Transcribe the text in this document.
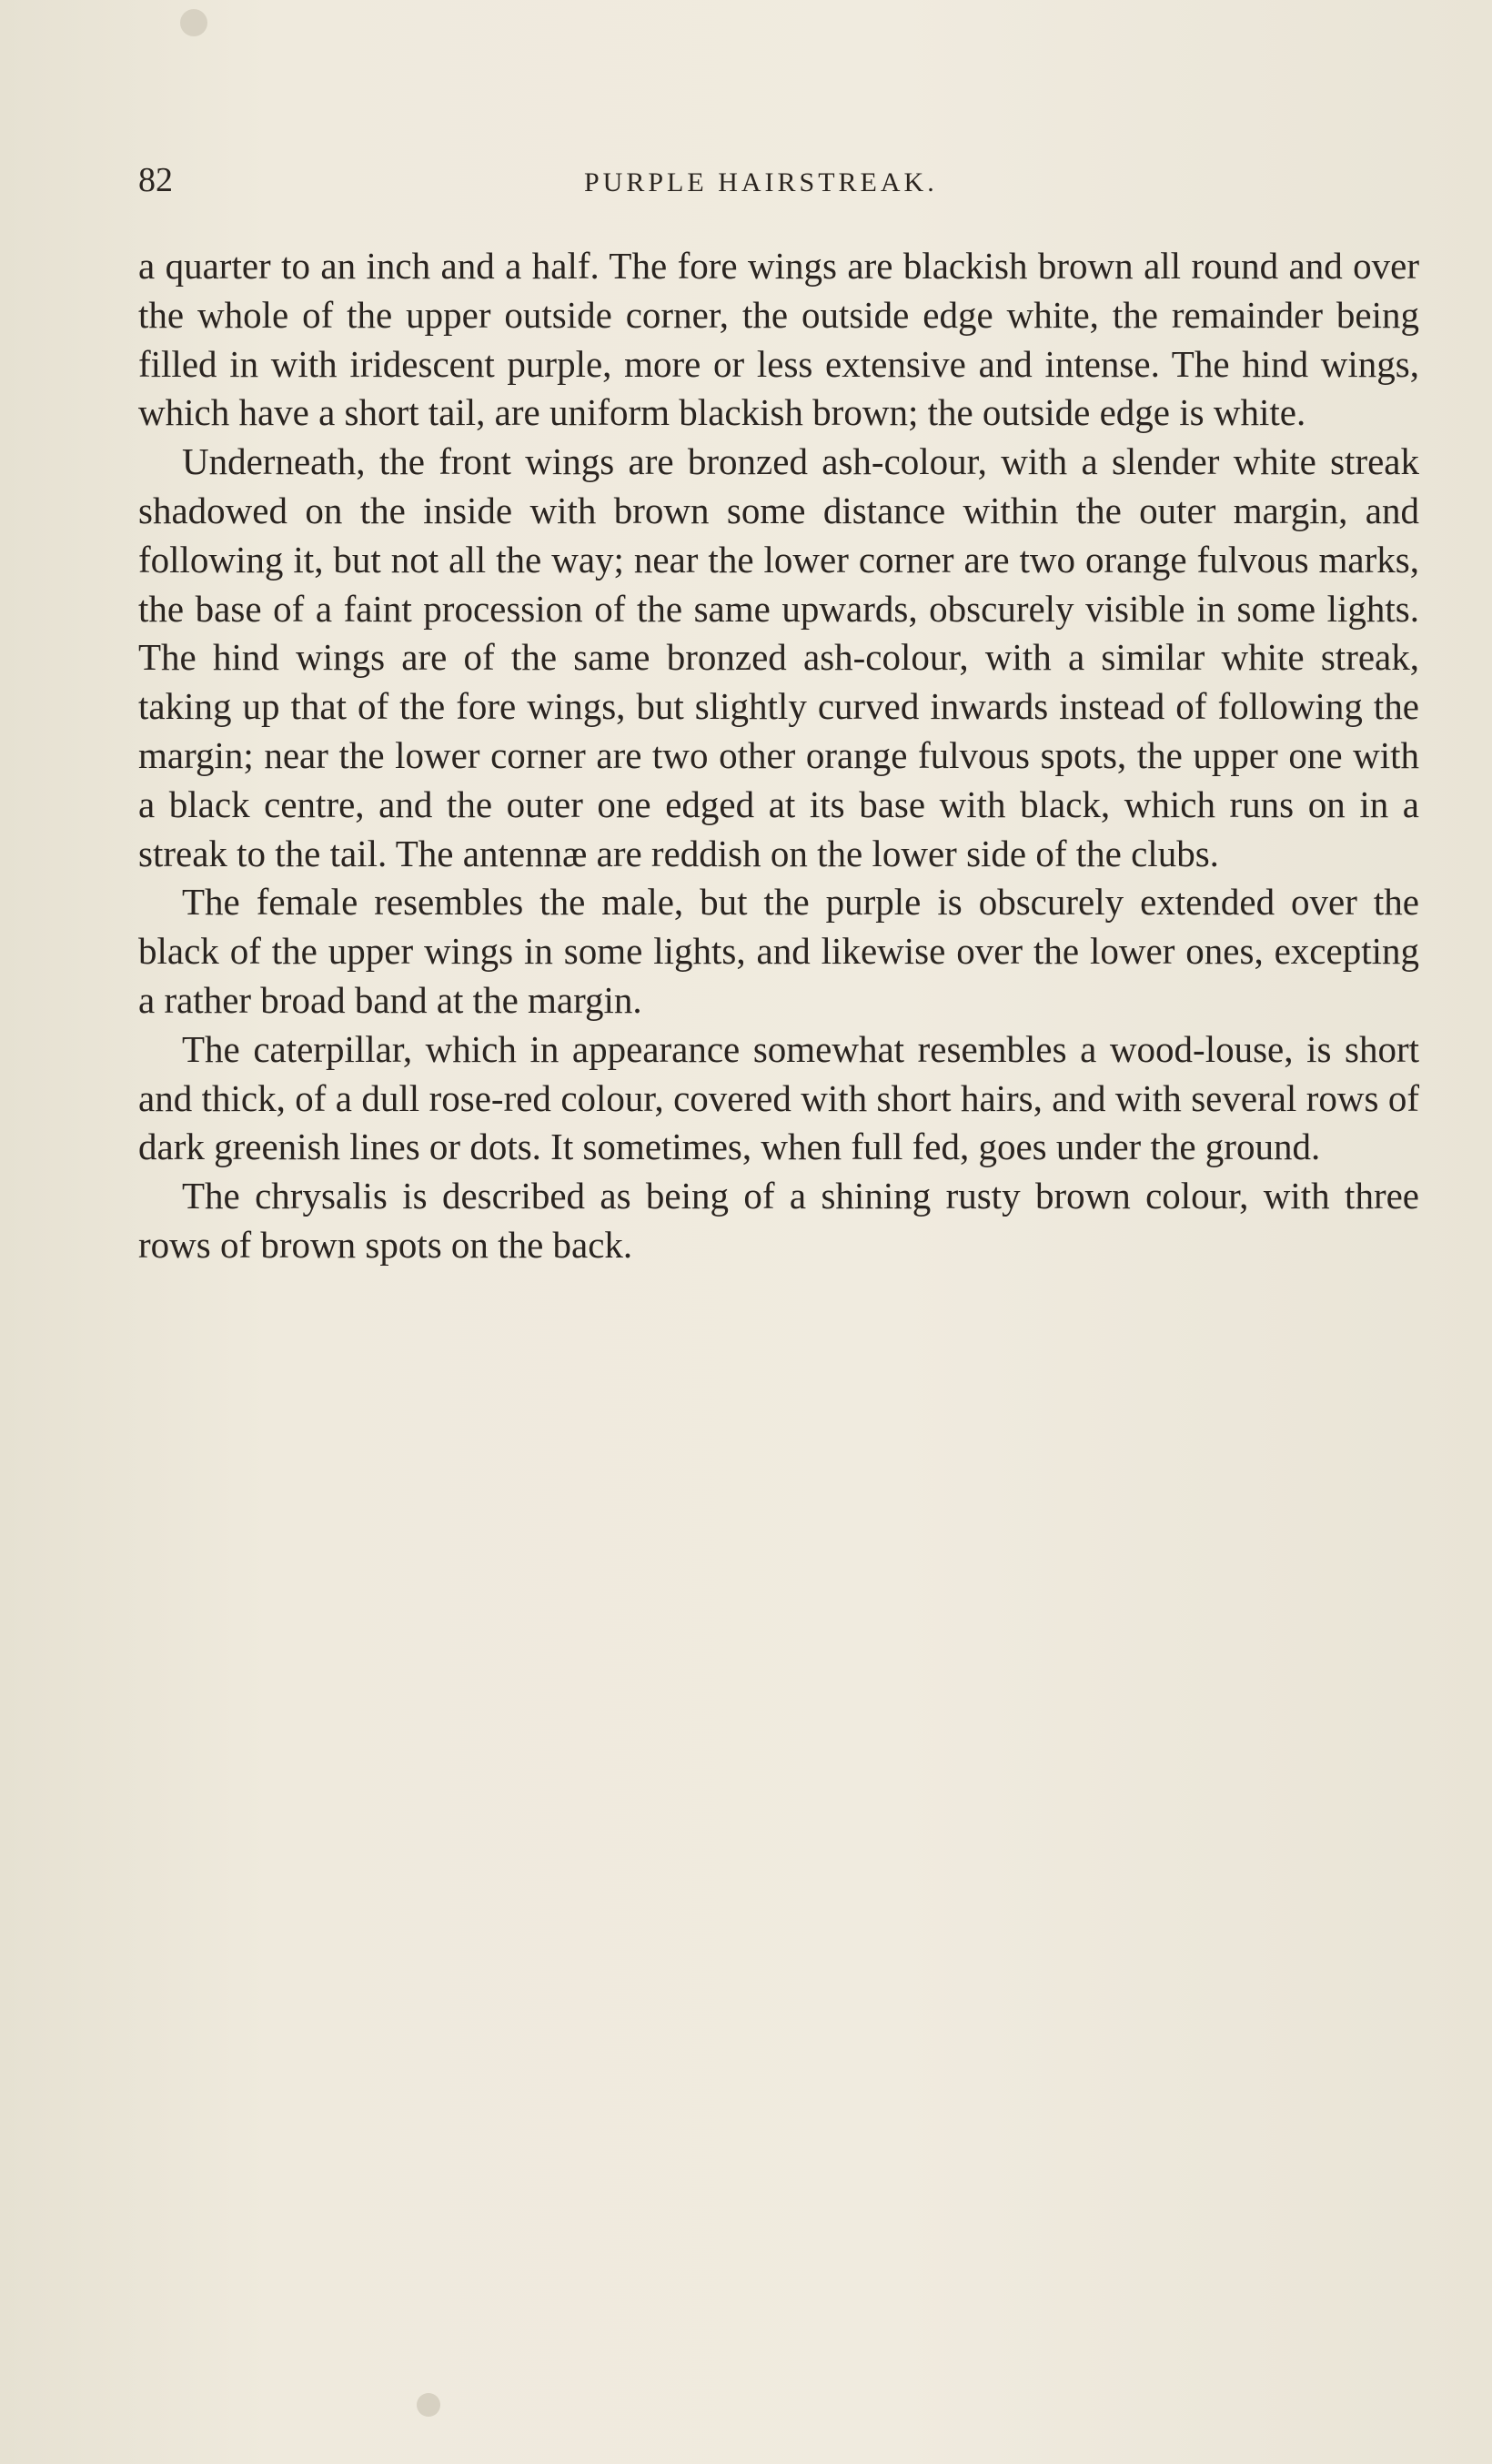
82	PURPLE HAIRSTREAK.

a quarter to an inch and a half. The fore wings are blackish brown all round and over the whole of the upper outside corner, the outside edge white, the remainder being filled in with iridescent purple, more or less extensive and intense. The hind wings, which have a short tail, are uniform blackish brown; the outside edge is white.

Underneath, the front wings are bronzed ash-colour, with a slender white streak shadowed on the inside with brown some distance within the outer margin, and following it, but not all the way; near the lower corner are two orange fulvous marks, the base of a faint procession of the same upwards, obscurely visible in some lights. The hind wings are of the same bronzed ash-colour, with a similar white streak, taking up that of the fore wings, but slightly curved inwards instead of following the margin; near the lower corner are two other orange fulvous spots, the upper one with a black centre, and the outer one edged at its base with black, which runs on in a streak to the tail. The antennæ are reddish on the lower side of the clubs.

The female resembles the male, but the purple is obscurely extended over the black of the upper wings in some lights, and likewise over the lower ones, excepting a rather broad band at the margin.

The caterpillar, which in appearance somewhat resembles a wood-louse, is short and thick, of a dull rose-red colour, covered with short hairs, and with several rows of dark greenish lines or dots. It sometimes, when full fed, goes under the ground.

The chrysalis is described as being of a shining rusty brown colour, with three rows of brown spots on the back.
